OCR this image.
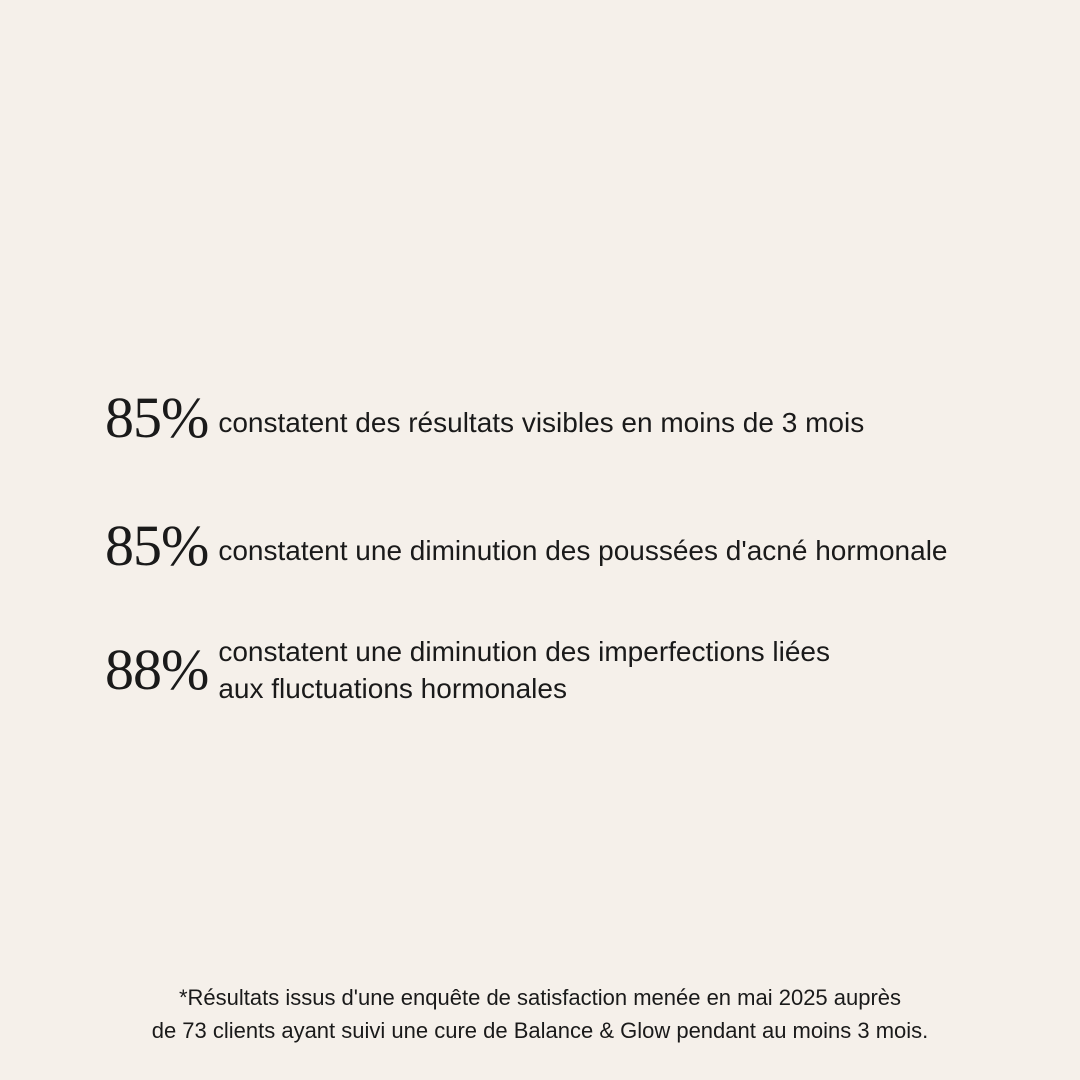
85% constatent des résultats visibles en moins de 3 mois
85% constatent une diminution des poussées d'acné hormonale
88% constatent une diminution des imperfections liées
aux fluctuations hormonales
*Résultats issus d'une enquête de satisfaction menée en mai 2025 auprès
de 73 clients ayant suivi une cure de Balance & Glow pendant au moins 3 mois.
